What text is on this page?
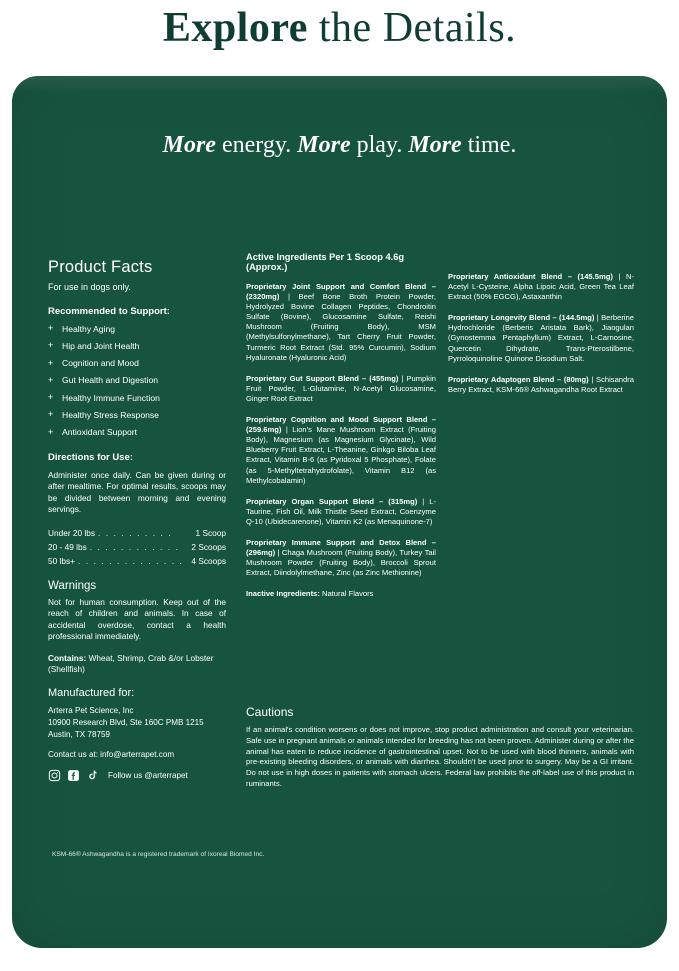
Explore the Details.
More energy. More play. More time.
Product Facts

For use in dogs only.

Recommended to Support:

+ Healthy Aging
+ Hip and Joint Health
+ Cognition and Mood
+ Gut Health and Digestion
+ Healthy Immune Function
+ Healthy Stress Response
+ Antioxidant Support

Directions for Use:

Administer once daily. Can be given during or after mealtime. For optimal results, scoops may be divided between morning and evening servings.

Under 20 lbs . . . . . . . . . .	1 Scoop
20 - 49 lbs . . . . . . . . . . . .	2 Scoops
50 lbs+ . . . . . . . . . . . . . . 4 Scoops
Warnings

Not for human consumption. Keep out of the reach of children and animals. In case of accidental overdose, contact a health professional immediately.

Contains: Wheat, Shrimp, Crab &/or Lobster (Shellfish)

Manufactured for:
Arterra Pet Science, Inc
10900 Research Blvd, Ste 160C PMB 1215
Austin, TX 78759
Contact us at: info@arterrapet.com
Follow us @arterrapet

Active Ingredients Per 1 Scoop 4.6g (Approx.)

Proprietary Joint Support and Comfort Blend – (2320mg) | Beef Bone Broth Protein Powder, Hydrolyzed Bovine Collagen Peptides, Chondroitin Sulfate (Bovine), Glucosamine Sulfate, Reishi Mushroom (Fruiting Body), MSM (Methylsulfonylmethane), Tart Cherry Fruit Powder, Turmeric Root Extract (Std. 95% Curcumin), Sodium Hyaluronate (Hyaluronic Acid)

Proprietary Gut Support Blend – (455mg) | Pumpkin Fruit Powder, L-Glutamine, N-Acetyl Glucosamine, Ginger Root Extract

Proprietary Cognition and Mood Support Blend – (259.6mg) | Lion's Mane Mushroom Extract (Fruiting Body), Magnesium (as Magnesium Glycinate), Wild Blueberry Fruit Extract, L-Theanine, Ginkgo Biloba Leaf Extract, Vitamin B-6 (as Pyridoxal 5 Phosphate), Folate (as 5-Methyltetrahydrofolate), Vitamin B12 (as Methylcobalamin)

Proprietary Organ Support Blend – (315mg) | L-Taurine, Fish Oil, Milk Thistle Seed Extract, Coenzyme Q-10 (Ubidecarenone), Vitamin K2 (as Menaquinone-7)

Proprietary Immune Support and Detox Blend – (296mg) | Chaga Mushroom (Fruiting Body), Turkey Tail Mushroom Powder (Fruiting Body), Broccoli Sprout Extract, Diindolylmethane, Zinc (as Zinc Methionine)

Inactive Ingredients: Natural Flavors

Proprietary Antioxidant Blend – (145.5mg) | N-Acetyl L-Cysteine, Alpha Lipoic Acid, Green Tea Leaf Extract (50% EGCG), Astaxanthin

Proprietary Longevity Blend – (144.5mg) | Berberine Hydrochloride (Berberis Aristata Bark), Jiaogulan (Gynostemma Pentaphyllum) Extract, L-Carnosine, Quercetin Dihydrate, Trans-Pterostilbene, Pyrroloquinoline Quinone Disodium Salt.

Proprietary Adaptogen Blend – (80mg) | Schisandra Berry Extract, KSM-66® Ashwagandha Root Extract

Cautions

If an animal's condition worsens or does not improve, stop product administration and consult your veterinarian. Safe use in pregnant animals or animals intended for breeding has not been proven. Administer during or after the animal has eaten to reduce incidence of gastrointestinal upset. Not to be used with blood thinners, animals with pre-existing bleeding disorders, or animals with diarrhea. Shouldn't be used prior to surgery. May be a GI irritant. Do not use in high doses in patients with stomach ulcers. Federal law prohibits the off-label use of this product in ruminants.

KSM-66® Ashwagandha is a registered trademark of Ixoreal Biomed Inc.
